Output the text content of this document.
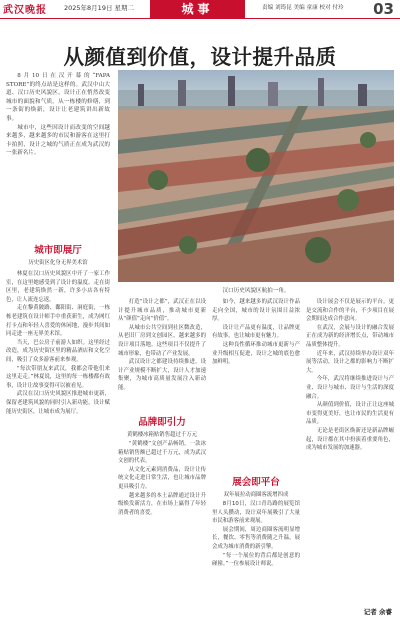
武汉晚报	2025年8月19日 星期二	责编 刘筠昆 美编 童康 校对 付玲 03
城事
从颜值到价值，设计提升品质

8月10日在汉开幕的“FAPA STORE”的终点站是这样的。武汉中山大道、汉口历史风貌区，设计正在悄然改变城市的面貌和气质。从一栋楼的修缮，到一条街的焕新，设计让老建筑讲出新故事。

城市中，这些因设计而改变的空间越来越多，越来越多的市民和游客在这里打卡拍照，设计之城的气质正在成为武汉的一张新名片。

汉口历史风貌区航拍一角。
城市即展厅
历史街区化身无界美术馆

林夏在汉口历史风貌区中开了一家工作室，在这里她感受到了设计的温度。走在街区里，老建筑焕然一新，许多小店各有特色，让人流连忘返。

走在黎黄陂路、鄱阳街、洞庭街，一栋栋老建筑在设计师手中重获新生，成为网红打卡点和年轻人喜爱的休闲地，漫步其间如同走进一座无界美术馆。

当天，巴公房子前游人如织。这里经过改造，成为历史街区里的精品酒店和文化空间，吸引了众多游客前来参观。

“每次带朋友来武汉，我都会带他们来这里走走。”林夏说，这里的每一栋楼都有故事，设计让故事变得可以被看见。

武汉在汉口历史风貌区推进城市更新，保留老建筑风貌的同时引入新功能，设计赋能历史街区，让城市成为展厅。

打造“设计之都”，武汉正在以设计提升城市品质，推动城市更新从“颜值”走向“价值”。

从城市公共空间到社区微改造，从老旧厂房到文创园区，越来越多的设计项目落地。这些项目不仅提升了城市形象，也带动了产业发展。

武汉设计之都建设持续推进，设计产业规模不断扩大，设计人才加速集聚，为城市高质量发展注入新动能。

品牌即引力
黄鹤楼冰箱贴销售超过千万元

“黄鹤楼”文创产品畅销，一款冰箱贴销售额已超过千万元，成为武汉文创的代表。

从文化元素到消费品，设计让传统文化走进日常生活，也让城市品牌更具吸引力。

越来越多的本土品牌通过设计升级焕发新活力，在市场上赢得了年轻消费者的喜爱。

如今，越来越多的武汉设计作品走向全国，城市的设计氛围日益浓厚。

设计让产品更有温度，让品牌更有故事，也让城市更有魅力。

这种良性循环推动城市更新与产业升级相互促进，设计之城的底色愈加鲜明。

展会即平台
双年展拉动商圈客流增四成

8月10日，汉口青岛路的展览馆里人头攒动，设计双年展吸引了大量市民和游客前来观展。

展会期间，周边商圈客流明显增长，餐饮、零售等消费随之升温，展会成为城市消费的新引擎。

“每一个展位的背后都是创意的碰撞。”一位参展设计师说。

设计展会不仅是展示的平台，更是交流和合作的平台，不少项目在展会期间达成合作意向。

在武汉，会展与设计的融合发展正在成为新的经济增长点，带动城市品质整体提升。

近年来，武汉持续举办设计双年展等活动，设计之都的影响力不断扩大。

今年，武汉将继续推进设计与产业、设计与城市、设计与生活的深度融合。

从颜值到价值，设计正让这座城市变得更美好，也让市民的生活更有品质。

无论是老街区焕新还是新品牌崛起，设计都在其中扮演着重要角色，成为城市发展的加速器。

记者 余睿
